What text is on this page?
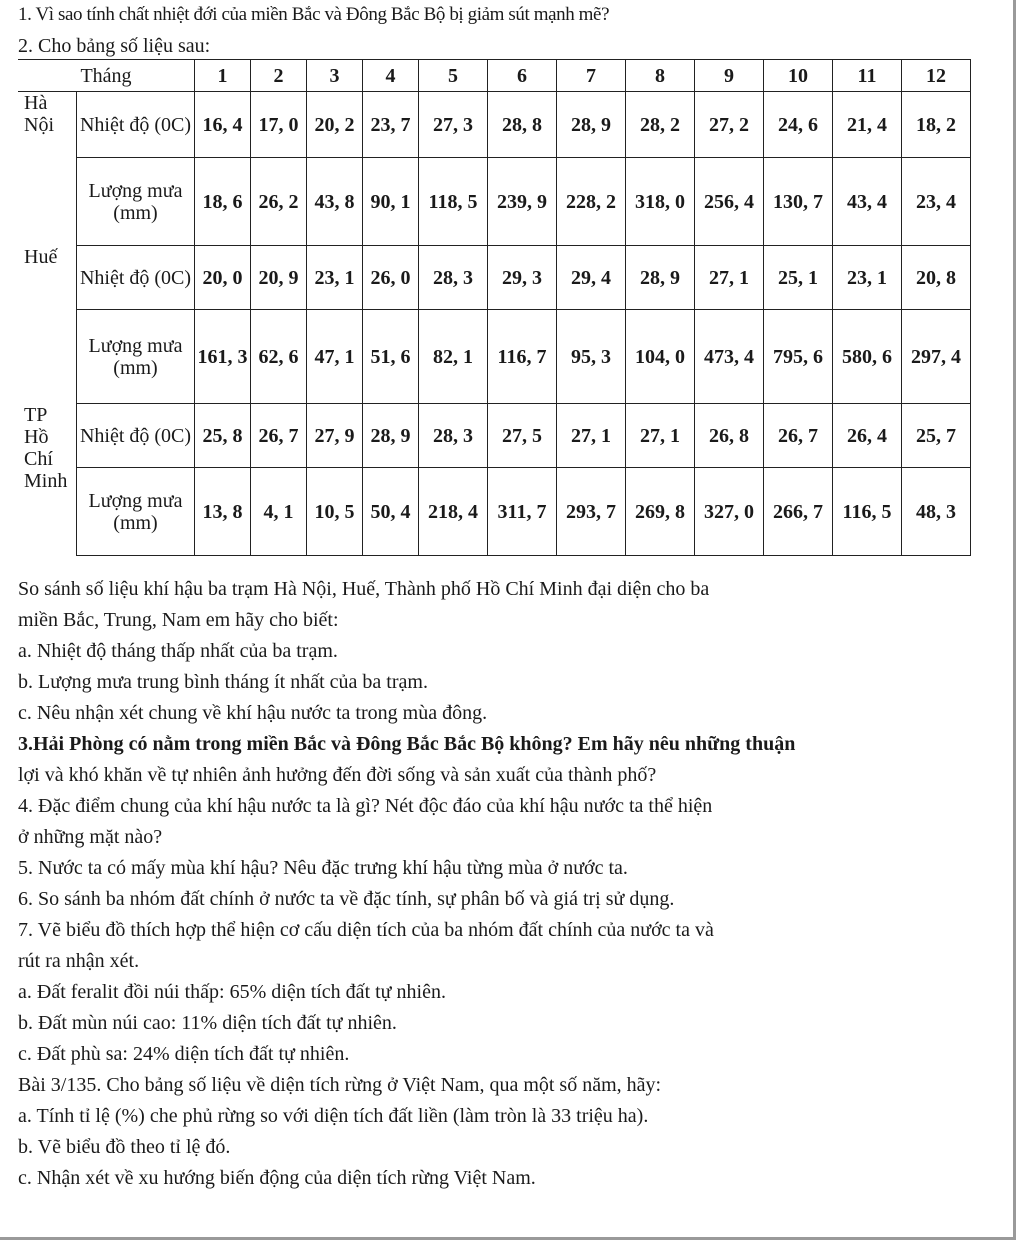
1. Vì sao tính chất nhiệt đới của miền Bắc và Đông Bắc Bộ bị giảm sút mạnh mẽ?
2. Cho bảng số liệu sau:
Tháng		1	2	3	4	5	6	7	8	9	10	11	12
Hà Nội	Nhiệt độ (0C)	16, 4	17, 0	20, 2	23, 7	27, 3	28, 8	28, 9	28, 2	27, 2	24, 6	21, 4	18, 2
	Lượng mưa (mm)	18, 6	26, 2	43, 8	90, 1	118, 5	239, 9	228, 2	318, 0	256, 4	130, 7	43, 4	23, 4
Huế	Nhiệt độ (0C)	20, 0	20, 9	23, 1	26, 0	28, 3	29, 3	29, 4	28, 9	27, 1	25, 1	23, 1	20, 8
	Lượng mưa (mm)	161, 3	62, 6	47, 1	51, 6	82, 1	116, 7	95, 3	104, 0	473, 4	795, 6	580, 6	297, 4
TP Hồ Chí Minh	Nhiệt độ (0C)	25, 8	26, 7	27, 9	28, 9	28, 3	27, 5	27, 1	27, 1	26, 8	26, 7	26, 4	25, 7
	Lượng mưa (mm)	13, 8	4, 1	10, 5	50, 4	218, 4	311, 7	293, 7	269, 8	327, 0	266, 7	116, 5	48, 3
So sánh số liệu khí hậu ba trạm Hà Nội, Huế, Thành phố Hồ Chí Minh đại diện cho ba
miền Bắc, Trung, Nam em hãy cho biết:
a. Nhiệt độ tháng thấp nhất của ba trạm.
b. Lượng mưa trung bình tháng ít nhất của ba trạm.
c. Nêu nhận xét chung về khí hậu nước ta trong mùa đông.
3.Hải Phòng có nằm trong miền Bắc và Đông Bắc Bắc Bộ không? Em hãy nêu những thuận
lợi và khó khăn về tự nhiên ảnh hưởng đến đời sống và sản xuất của thành phố?
4. Đặc điểm chung của khí hậu nước ta là gì? Nét độc đáo của khí hậu nước ta thể hiện
ở những mặt nào?
5. Nước ta có mấy mùa khí hậu? Nêu đặc trưng khí hậu từng mùa ở nước ta.
6. So sánh ba nhóm đất chính ở nước ta về đặc tính, sự phân bố và giá trị sử dụng.
7. Vẽ biểu đồ thích hợp thể hiện cơ cấu diện tích của ba nhóm đất chính của nước ta và
rút ra nhận xét.
a. Đất feralit đồi núi thấp: 65% diện tích đất tự nhiên.
b. Đất mùn núi cao: 11% diện tích đất tự nhiên.
c. Đất phù sa: 24% diện tích đất tự nhiên.
Bài 3/135. Cho bảng số liệu về diện tích rừng ở Việt Nam, qua một số năm, hãy:
a. Tính tỉ lệ (%) che phủ rừng so với diện tích đất liền (làm tròn là 33 triệu ha).
b. Vẽ biểu đồ theo tỉ lệ đó.
c. Nhận xét về xu hướng biến động của diện tích rừng Việt Nam.
